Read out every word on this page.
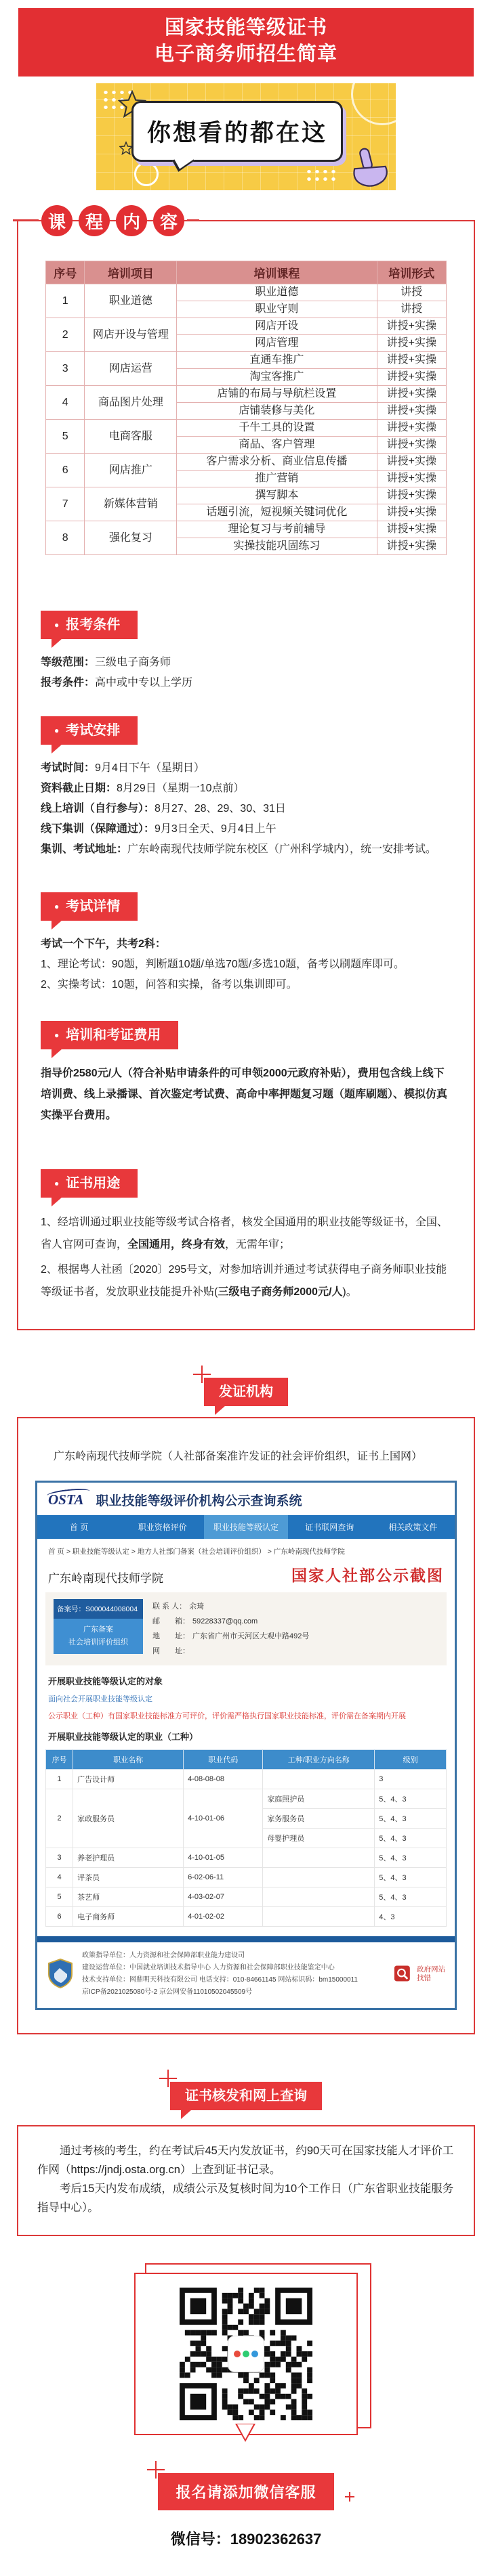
国家技能等级证书
电子商务师招生简章
你想看的都在这
课	程	内	容
序号	培训项目	培训课程	培训形式
1	职业道德	职业道德	讲授
		职业守则	讲授
2	网店开设与管理	网店开设	讲授+实操
		网店管理	讲授+实操
3	网店运营	直通车推广	讲授+实操
		淘宝客推广	讲授+实操
4	商品图片处理	店铺的布局与导航栏设置	讲授+实操
		店铺装修与美化	讲授+实操
5	电商客服	千牛工具的设置	讲授+实操
		商品、客户管理	讲授+实操
6	网店推广	客户需求分析、商业信息传播	讲授+实操
		推广营销	讲授+实操
7	新媒体营销	撰写脚本	讲授+实操
		话题引流，短视频关键词优化	讲授+实操
8	强化复习	理论复习与考前辅导	讲授+实操
		实操技能巩固练习	讲授+实操
● 报考条件
等级范围：三级电子商务师
报考条件：高中或中专以上学历
● 考试安排
考试时间：9月4日下午（星期日）
资料截止日期：8月29日（星期一10点前）
线上培训（自行参与）：8月27、28、29、30、31日
线下集训（保障通过）：9月3日全天、9月4日上午
集训、考试地址：广东岭南现代技师学院东校区（广州科学城内），统一安排考试。
● 考试详情
考试一个下午，共考2科：
1、理论考试：90题，判断题10题/单选70题/多选10题，备考以刷题库即可。
2、实操考试：10题，问答和实操，备考以集训即可。
● 培训和考证费用

指导价2580元/人（符合补贴申请条件的可申领2000元政府补贴），费用包含线上线下培训费、线上录播课、首次鉴定考试费、高命中率押题复习题（题库刷题）、模拟仿真实操平台费用。

● 证书用途

1、经培训通过职业技能等级考试合格者，核发全国通用的职业技能等级证书，全国、省人官网可查询，全国通用，终身有效，无需年审；

2、根据粤人社函〔2020〕295号文，对参加培训并通过考试获得电子商务师职业技能等级证书者，发放职业技能提升补贴(三级电子商务师2000元/人)。

发证机构

广东岭南现代技师学院（人社部备案准许发证的社会评价组织，证书上国网）

OSTA 职业技能等级评价机构公示查询系统
首 页	职业资格评价	职业技能等级认定	证书联网查询	相关政策文件
首 页 > 职业技能等级认定 > 地方人社部门备案（社会培训评价组织） > 广东岭南现代技师学院
广东岭南现代技师学院	国家人社部公示截图
备案号：S000044008004
广东备案
社会培训评价组织
联 系 人： 余琦
邮　　箱： 59228337@qq.com
地　　址： 广东省广州市天河区大观中路492号
网　　址：
开展职业技能等级认定的对象
面向社会开展职业技能等级认定
公示职业（工种）有国家职业技能标准方可评价，评价需严格执行国家职业技能标准，评价需在备案期内开展
开展职业技能等级认定的职业（工种）
序号	职业名称	职业代码	工种/职业方向名称	级别
1	广告设计师	4-08-08-08		3
2	家政服务员	4-10-01-06	家庭照护员	5、4、3
			家务服务员	5、4、3
			母婴护理员	5、4、3
3	养老护理员	4-10-01-05		5、4、3
4	评茶员	6-02-06-11		5、4、3
5	茶艺师	4-03-02-07		5、4、3
6	电子商务师	4-01-02-02		4、3
政策指导单位：人力资源和社会保障部职业能力建设司
建设运营单位：中国就业培训技术指导中心 人力资源和社会保障部职业技能鉴定中心
技术支持单位：网鼎明天科技有限公司 电话支持：010-84661145 网站标识码：bm15000011
京ICP备2021025080号-2 京公网安备11010502045509号
政府网站
找错
证书核发和网上查询

通过考核的考生，约在考试后45天内发放证书，约90天可在国家技能人才评价工作网（https://jndj.osta.org.cn）上查到证书记录。

考后15天内发布成绩，成绩公示及复核时间为10个工作日（广东省职业技能服务指导中心）。

报名请添加微信客服
微信号：18902362637
